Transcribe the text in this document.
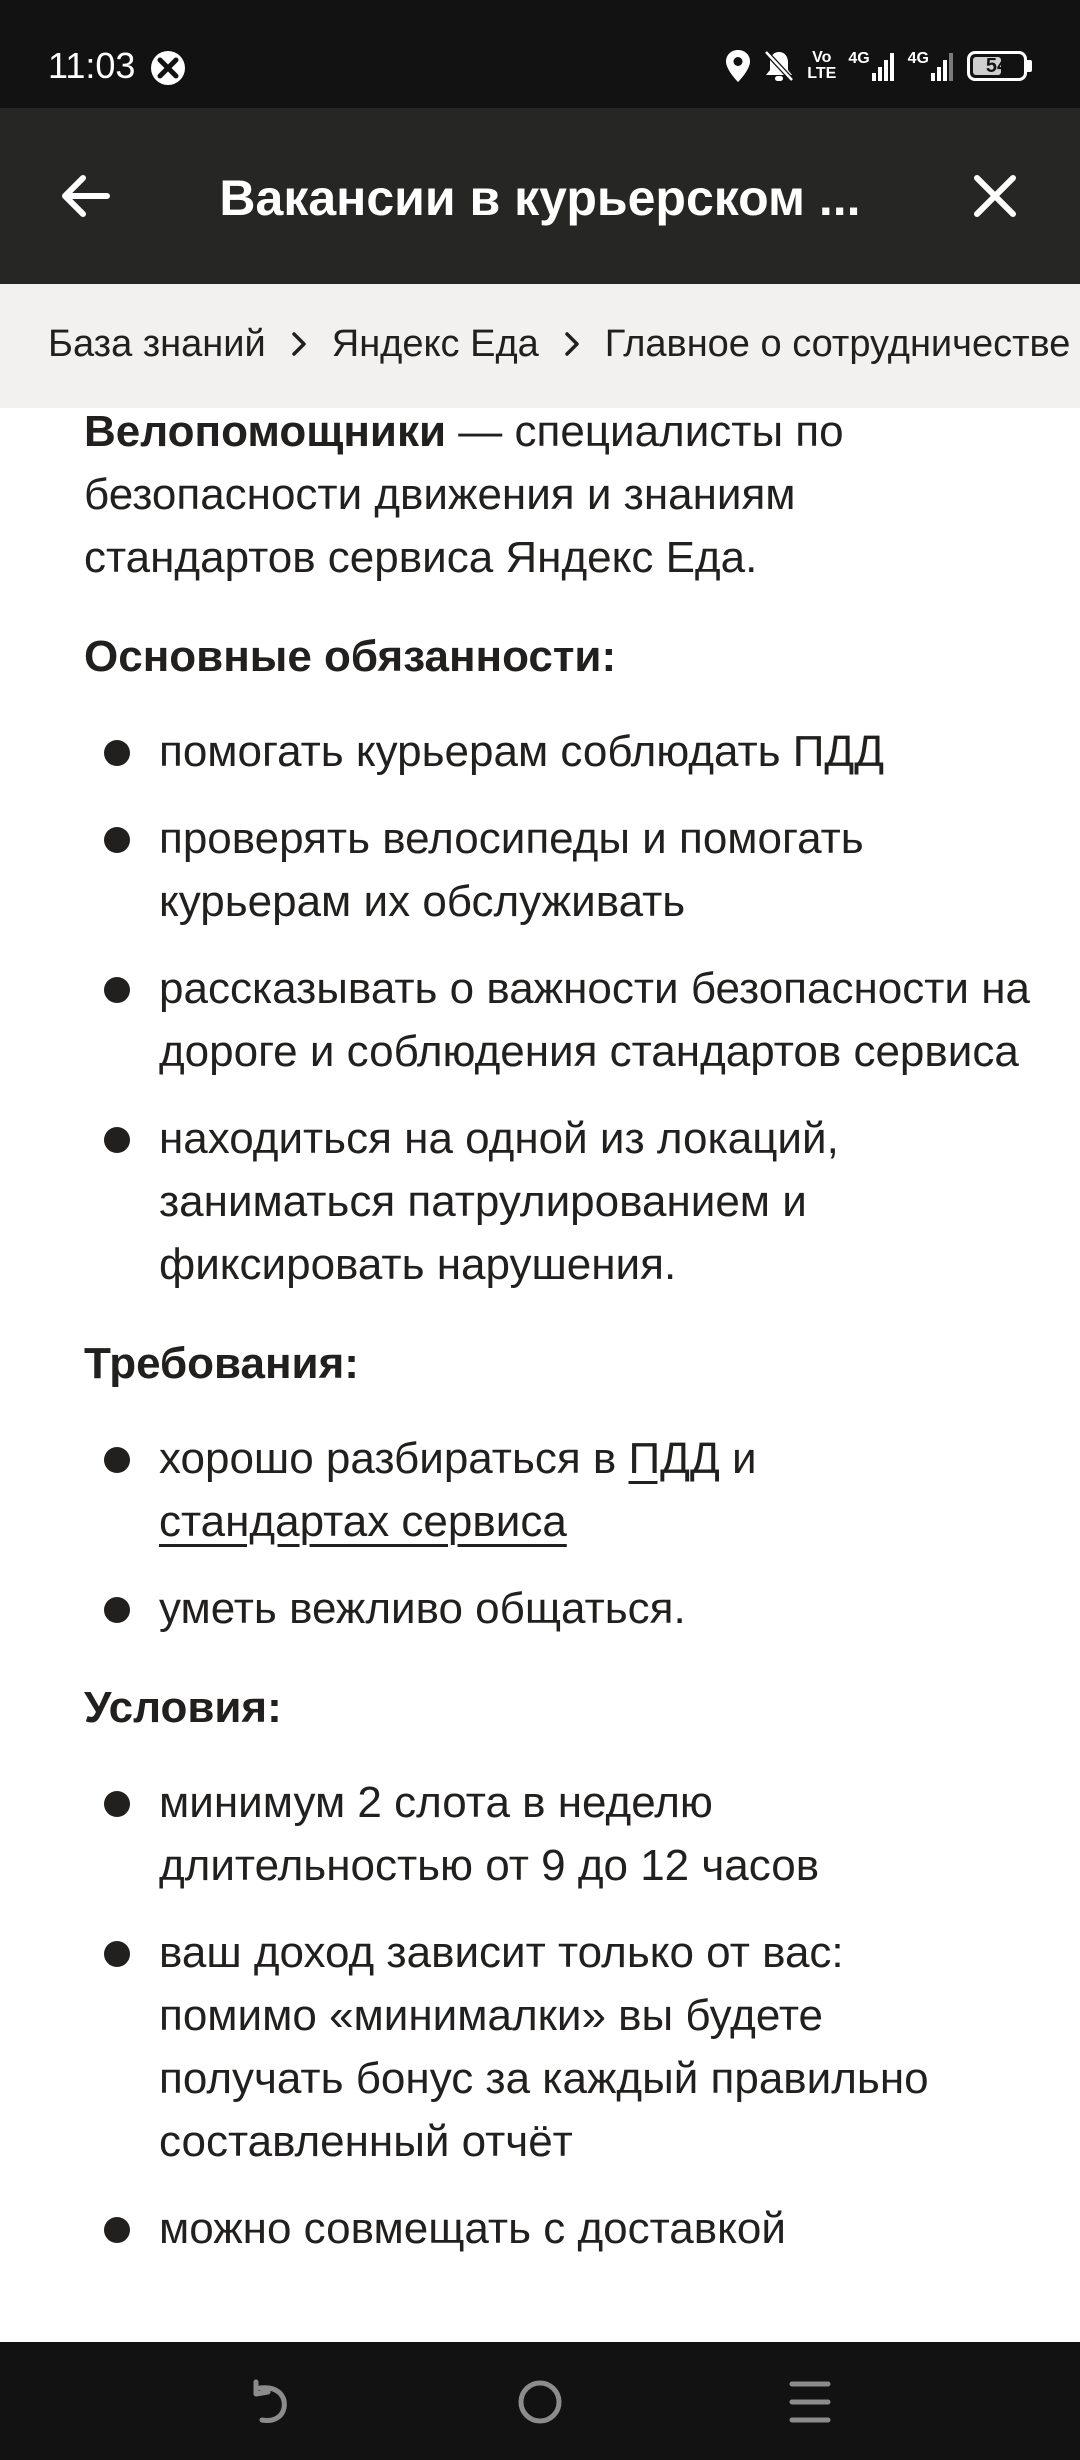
11:03	Vo
LTE
4G 4G	54
Вакансии в курьерском ...
База знаний Яндекс Еда Главное о сотрудничестве

Велопомощники — специалисты по безопасности движения и знаниям стандартов сервиса Яндекс Еда.

Основные обязанности:
помогать курьерам соблюдать ПДД
проверять велосипеды и помогать курьерам их обслуживать
рассказывать о важности безопасности на дороге и соблюдения стандартов сервиса
находиться на одной из локаций, заниматься патрулированием и фиксировать нарушения.
Требования:
хорошо разбираться в ПДД и стандартах сервиса
уметь вежливо общаться.
Условия:
минимум 2 слота в неделю длительностью от 9 до 12 часов
ваш доход зависит только от вас: помимо «минималки» вы будете получать бонус за каждый правильно составленный отчёт
можно совмещать с доставкой
